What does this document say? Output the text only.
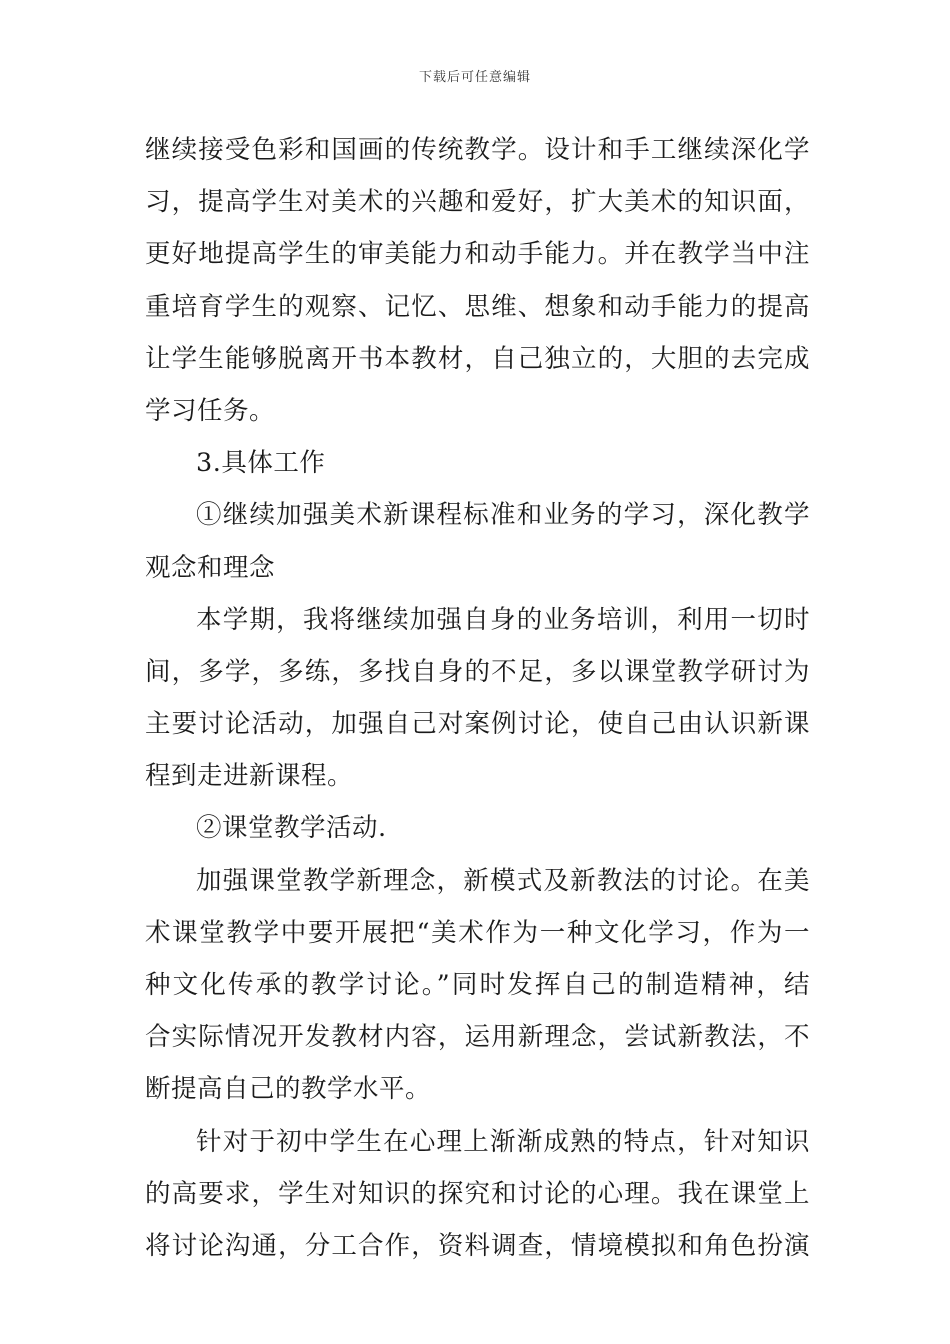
下载后可任意编辑
继续接受色彩和国画的传统教学。设计和手工继续深化学
习，提高学生对美术的兴趣和爱好，扩大美术的知识面，
更好地提高学生的审美能力和动手能力。并在教学当中注
重培育学生的观察、记忆、思维、想象和动手能力的提高
让学生能够脱离开书本教材，自己独立的，大胆的去完成
学习任务。
3.具体工作
①继续加强美术新课程标准和业务的学习，深化教学
观念和理念
本学期，我将继续加强自身的业务培训，利用一切时
间，多学，多练，多找自身的不足，多以课堂教学研讨为
主要讨论活动，加强自己对案例讨论，使自己由认识新课
程到走进新课程。
②课堂教学活动.
加强课堂教学新理念，新模式及新教法的讨论。在美
术课堂教学中要开展把“美术作为一种文化学习，作为一
种文化传承的教学讨论。”同时发挥自己的制造精神，结
合实际情况开发教材内容，运用新理念，尝试新教法，不
断提高自己的教学水平。
针对于初中学生在心理上渐渐成熟的特点，针对知识
的高要求，学生对知识的探究和讨论的心理。我在课堂上
将讨论沟通，分工合作，资料调查，情境模拟和角色扮演
